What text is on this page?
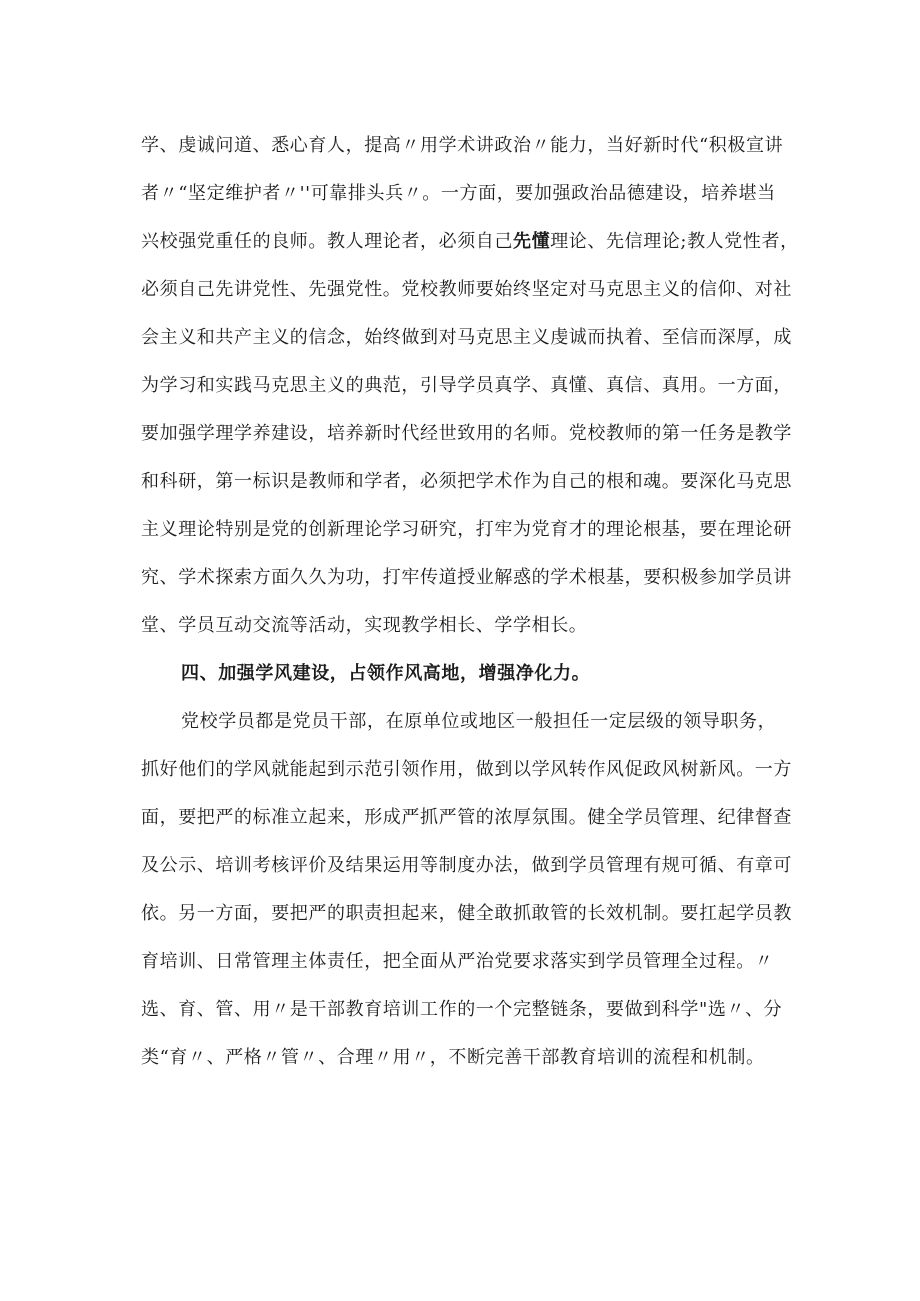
学、虔诚问道、悉心育人，提高〃用学术讲政治〃能力，当好新时代“积极宣讲
者〃“坚定维护者〃''可靠排头兵〃。一方面，要加强政治品德建设，培养堪当
兴校强党重任的良师。教人理论者，必须自己先懂理论、先信理论;教人党性者，
必须自己先讲党性、先强党性。党校教师要始终坚定对马克思主义的信仰、对社
会主义和共产主义的信念，始终做到对马克思主义虔诚而执着、至信而深厚，成
为学习和实践马克思主义的典范，引导学员真学、真懂、真信、真用。一方面，
要加强学理学养建设，培养新时代经世致用的名师。党校教师的第一任务是教学
和科研，第一标识是教师和学者，必须把学术作为自己的根和魂。要深化马克思
主义理论特别是党的创新理论学习研究，打牢为党育才的理论根基，要在理论研
究、学术探索方面久久为功，打牢传道授业解惑的学术根基，要积极参加学员讲
堂、学员互动交流等活动，实现教学相长、学学相长。
四、加强学风建设，占领作风高地，增强净化力。
党校学员都是党员干部，在原单位或地区一般担任一定层级的领导职务，
抓好他们的学风就能起到示范引领作用，做到以学风转作风促政风树新风。一方
面，要把严的标准立起来，形成严抓严管的浓厚氛围。健全学员管理、纪律督查
及公示、培训考核评价及结果运用等制度办法，做到学员管理有规可循、有章可
依。另一方面，要把严的职责担起来，健全敢抓敢管的长效机制。要扛起学员教
育培训、日常管理主体责任，把全面从严治党要求落实到学员管理全过程。〃
选、育、管、用〃是干部教育培训工作的一个完整链条，要做到科学"选〃、分
类“育〃、严格〃管〃、合理〃用〃，不断完善干部教育培训的流程和机制。
